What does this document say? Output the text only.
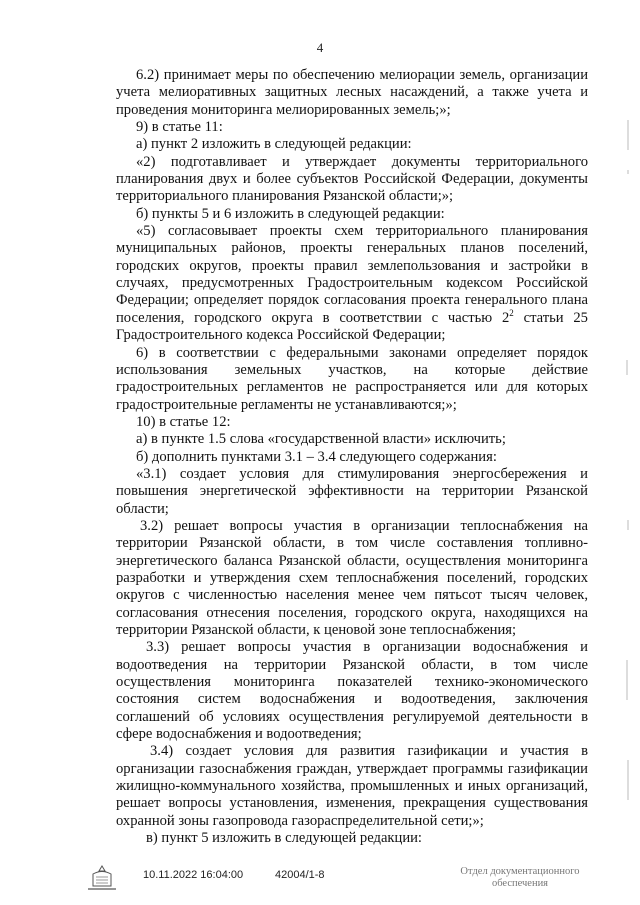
4

6.2) принимает меры по обеспечению мелиорации земель, организации учета мелиоративных защитных лесных насаждений, а также учета и проведения мониторинга мелиорированных земель;»;

9) в статье 11:

а) пункт 2 изложить в следующей редакции:

«2) подготавливает и утверждает документы территориального планирования двух и более субъектов Российской Федерации, документы территориального планирования Рязанской области;»;

б) пункты 5 и 6 изложить в следующей редакции:

«5) согласовывает проекты схем территориального планирования муниципальных районов, проекты генеральных планов поселений, городских округов, проекты правил землепользования и застройки в случаях, предусмотренных Градостроительным кодексом Российской Федерации; определяет порядок согласования проекта генерального плана поселения, городского округа в соответствии с частью $2^2$ статьи 25 Градостроительного кодекса Российской Федерации;

6) в соответствии с федеральными законами определяет порядок использования земельных участков, на которые действие градостроительных регламентов не распространяется или для которых градостроительные регламенты не устанавливаются;»;

10) в статье 12:

а) в пункте 1.5 слова «государственной власти» исключить;

б) дополнить пунктами 3.1 – 3.4 следующего содержания:

«3.1) создает условия для стимулирования энергосбережения и повышения энергетической эффективности на территории Рязанской области;

3.2) решает вопросы участия в организации теплоснабжения на территории Рязанской области, в том числе составления топливно-энергетического баланса Рязанской области, осуществления мониторинга разработки и утверждения схем теплоснабжения поселений, городских округов с численностью населения менее чем пятьсот тысяч человек, согласования отнесения поселения, городского округа, находящихся на территории Рязанской области, к ценовой зоне теплоснабжения;

3.3) решает вопросы участия в организации водоснабжения и водоотведения на территории Рязанской области, в том числе осуществления мониторинга показателей технико-экономического состояния систем водоснабжения и водоотведения, заключения соглашений об условиях осуществления регулируемой деятельности в сфере водоснабжения и водоотведения;

3.4) создает условия для развития газификации и участия в организации газоснабжения граждан, утверждает программы газификации жилищно-коммунального хозяйства, промышленных и иных организаций, решает вопросы установления, изменения, прекращения существования охранной зоны газопровода газораспределительной сети;»;

в) пункт 5 изложить в следующей редакции:

10.11.2022 16:04:00	42004/1-8	Отдел документационного
обеспечения
